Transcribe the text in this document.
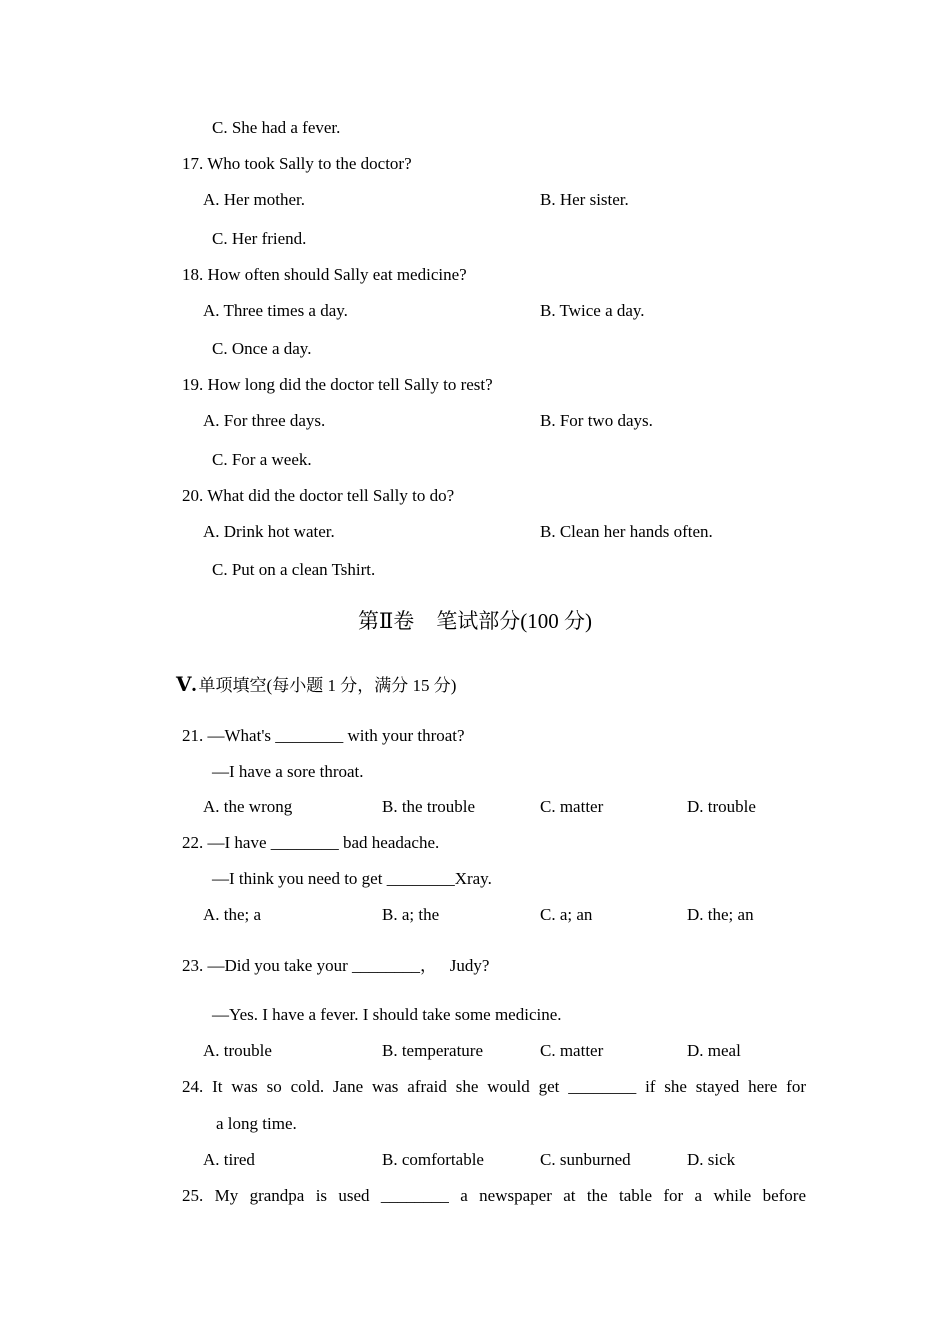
C. She had a fever.
17. Who took Sally to the doctor?
A. Her mother.	B. Her sister.
C. Her friend.
18. How often should Sally eat medicine?
A. Three times a day.	B. Twice a day.
C. Once a day.
19. How long did the doctor tell Sally to rest?
A. For three days.	B. For two days.
C. For a week.
20. What did the doctor tell Sally to do?
A. Drink hot water.	B. Clean her hands often.
C. Put on a clean Tshirt.
第Ⅱ卷 笔试部分(100 分)
Ⅴ. 单项填空(每小题 1 分，满分 15 分)
21. —What's ________ with your throat?
—I have a sore throat.
A. the wrong	B. the trouble	C. matter	D. trouble
22. —I have ________ bad headache.
—I think you need to get ________Xray.
A. the; a	B. a; the	C. a; an	D. the; an
23. —Did you take your ________，   Judy?
—Yes. I have a fever. I should take some medicine.
A. trouble	B. temperature	C. matter	D. meal
24. It was so cold. Jane was afraid she would get ________ if she stayed here for
a long time.
A. tired	B. comfortable	C. sunburned	D. sick
25. My grandpa is used ________ a newspaper at the table for a while before
